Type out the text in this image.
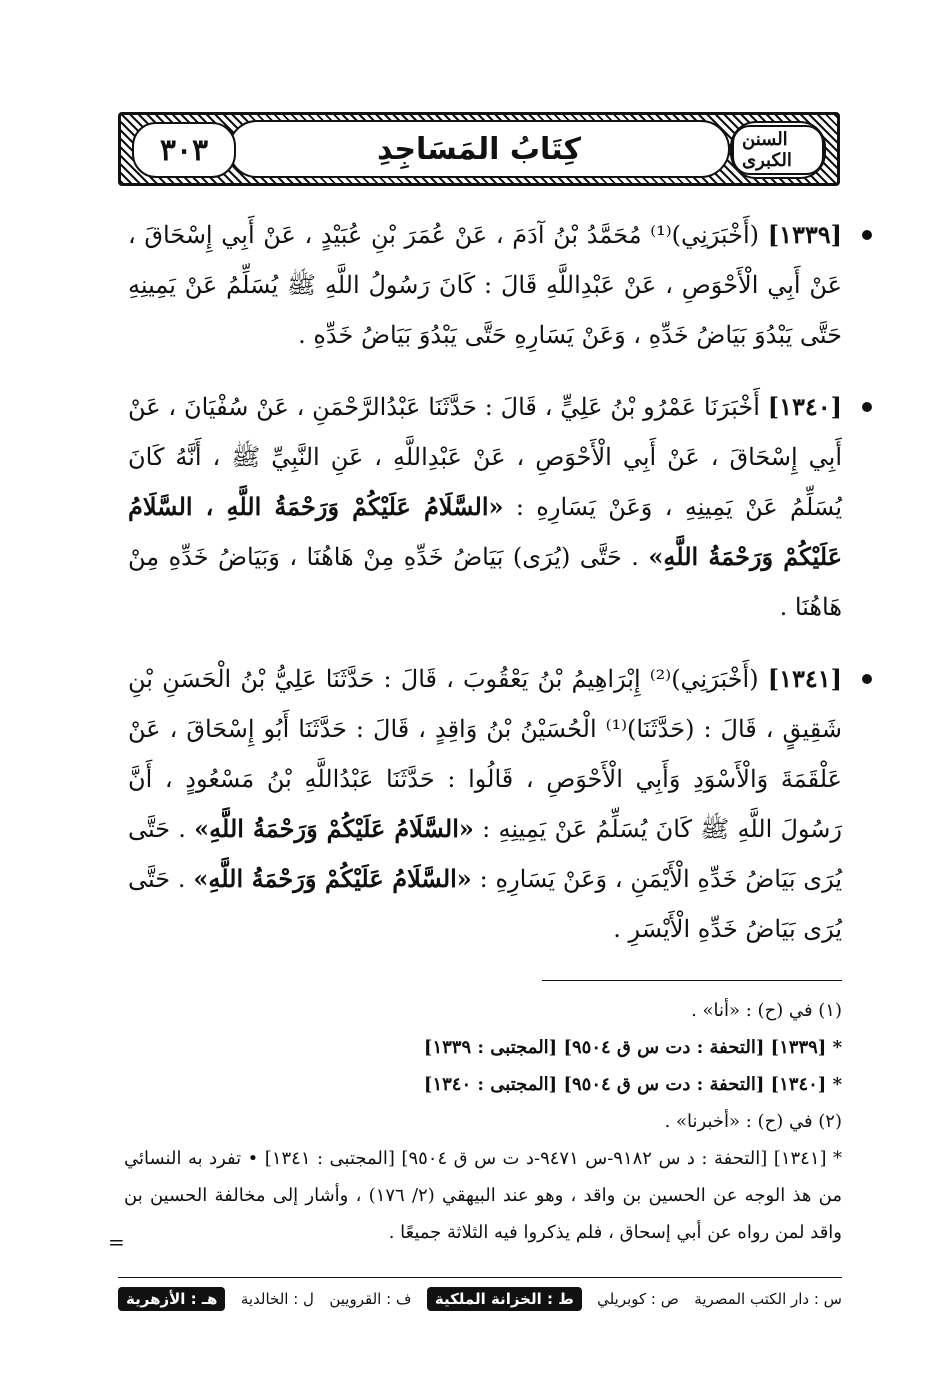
كِتَابُ المَسَاجِدِ
٣٠٣	السنن الكبرى

[١٣٣٩] (أَخْبَرَنِي)⁽¹⁾ مُحَمَّدُ بْنُ آدَمَ ، عَنْ عُمَرَ بْنِ عُبَيْدٍ ، عَنْ أَبِي إِسْحَاقَ ، عَنْ أَبِي الْأَحْوَصِ ، عَنْ عَبْدِاللَّهِ قَالَ : كَانَ رَسُولُ اللَّهِ ﷺ يُسَلِّمُ عَنْ يَمِينِهِ حَتَّى يَبْدُوَ بَيَاضُ خَدِّهِ ، وَعَنْ يَسَارِهِ حَتَّى يَبْدُوَ بَيَاضُ خَدِّهِ .

[١٣٤٠] أَخْبَرَنَا عَمْرُو بْنُ عَلِيٍّ ، قَالَ : حَدَّثَنَا عَبْدُالرَّحْمَنِ ، عَنْ سُفْيَانَ ، عَنْ أَبِي إِسْحَاقَ ، عَنْ أَبِي الْأَحْوَصِ ، عَنْ عَبْدِاللَّهِ ، عَنِ النَّبِيِّ ﷺ ، أَنَّهُ كَانَ يُسَلِّمُ عَنْ يَمِينِهِ ، وَعَنْ يَسَارِهِ : «السَّلَامُ عَلَيْكُمْ وَرَحْمَةُ اللَّهِ ، السَّلَامُ عَلَيْكُمْ وَرَحْمَةُ اللَّهِ» . حَتَّى (يُرَى) بَيَاضُ خَدِّهِ مِنْ هَاهُنَا ، وَبَيَاضُ خَدِّهِ مِنْ هَاهُنَا .

[١٣٤١] (أَخْبَرَنِي)⁽²⁾ إِبْرَاهِيمُ بْنُ يَعْقُوبَ ، قَالَ : حَدَّثَنَا عَلِيُّ بْنُ الْحَسَنِ بْنِ شَقِيقٍ ، قَالَ : (حَدَّثَنَا)⁽¹⁾ الْحُسَيْنُ بْنُ وَاقِدٍ ، قَالَ : حَدَّثَنَا أَبُو إِسْحَاقَ ، عَنْ عَلْقَمَةَ وَالْأَسْوَدِ وَأَبِي الْأَحْوَصِ ، قَالُوا : حَدَّثَنَا عَبْدُاللَّهِ بْنُ مَسْعُودٍ ، أَنَّ رَسُولَ اللَّهِ ﷺ كَانَ يُسَلِّمُ عَنْ يَمِينِهِ : «السَّلَامُ عَلَيْكُمْ وَرَحْمَةُ اللَّهِ» . حَتَّى يُرَى بَيَاضُ خَدِّهِ الْأَيْمَنِ ، وَعَنْ يَسَارِهِ : «السَّلَامُ عَلَيْكُمْ وَرَحْمَةُ اللَّهِ» . حَتَّى يُرَى بَيَاضُ خَدِّهِ الْأَيْسَرِ .

(١) في (ح) : «أنا» .

* [١٣٣٩] [التحفة : دت س ق ٩٥٠٤] [المجتبى : ١٣٣٩]

* [١٣٤٠] [التحفة : دت س ق ٩٥٠٤] [المجتبى : ١٣٤٠]

(٢) في (ح) : «أخبرنا» .

* [١٣٤١] [التحفة : د س ٩١٨٢-س ٩٤٧١-د ت س ق ٩٥٠٤] [المجتبى : ١٣٤١] • تفرد به النسائي من هذ الوجه عن الحسين بن واقد ، وهو عند البيهقي (٢/ ١٧٦) ، وأشار إلى مخالفة الحسين بن واقد لمن رواه عن أبي إسحاق ، فلم يذكروا فيه الثلاثة جميعًا .

=
س : دار الكتب المصرية
ص : كوبريلي
ط : الخزانة الملكية
ف : القرويين
ل : الخالدية
هـ : الأزهرية
